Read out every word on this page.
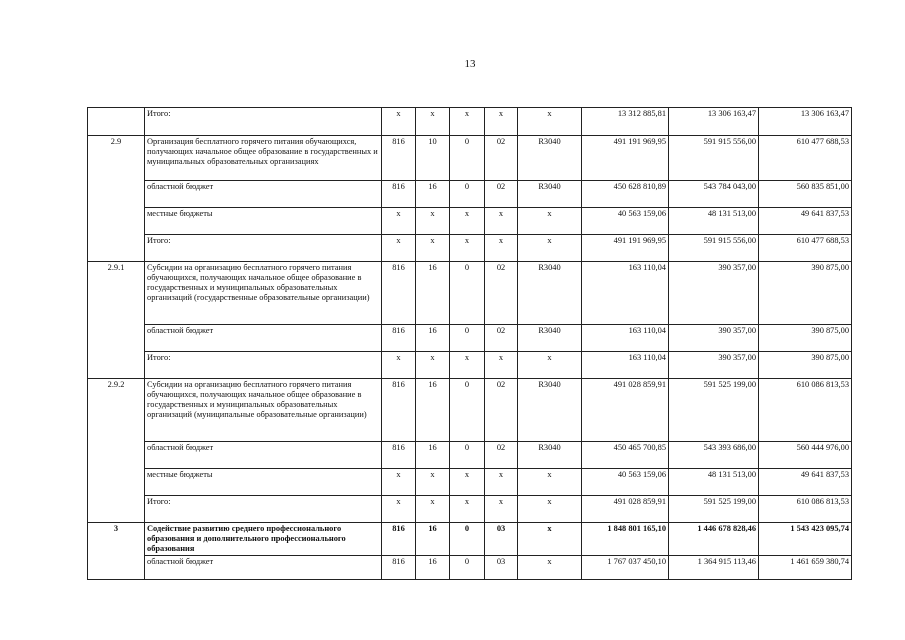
13
	Итого:	х	х	х	х	х	13 312 885,81	13 306 163,47	13 306 163,47
2.9	Организация бесплатного горячего питания обучающихся, получающих начальное общее образование в государственных и муниципальных образовательных организациях	816	10	0	02	R3040	491 191 969,95	591 915 556,00	610 477 688,53
	областной бюджет	816	16	0	02	R3040	450 628 810,89	543 784 043,00	560 835 851,00
	местные бюджеты	х	х	х	х	х	40 563 159,06	48 131 513,00	49 641 837,53
	Итого:	х	х	х	х	х	491 191 969,95	591 915 556,00	610 477 688,53
2.9.1	Субсидии на организацию бесплатного горячего питания обучающихся, получающих начальное общее образование в государственных и муниципальных образовательных организаций (государственные образовательные организации)	816	16	0	02	R3040	163 110,04	390 357,00	390 875,00
	областной бюджет	816	16	0	02	R3040	163 110,04	390 357,00	390 875,00
	Итого:	х	х	х	х	х	163 110,04	390 357,00	390 875,00
2.9.2	Субсидии на организацию бесплатного горячего питания обучающихся, получающих начальное общее образование в государственных и муниципальных образовательных организаций (муниципальные образовательные организации)	816	16	0	02	R3040	491 028 859,91	591 525 199,00	610 086 813,53
	областной бюджет	816	16	0	02	R3040	450 465 700,85	543 393 686,00	560 444 976,00
	местные бюджеты	х	х	х	х	х	40 563 159,06	48 131 513,00	49 641 837,53
	Итого:	х	х	х	х	х	491 028 859,91	591 525 199,00	610 086 813,53
3	Содействие развитию среднего профессионального образования и дополнительного профессионального образования	816	16	0	03	х	1 848 801 165,10	1 446 678 828,46	1 543 423 095,74
	областной бюджет	816	16	0	03	х	1 767 037 450,10	1 364 915 113,46	1 461 659 380,74
